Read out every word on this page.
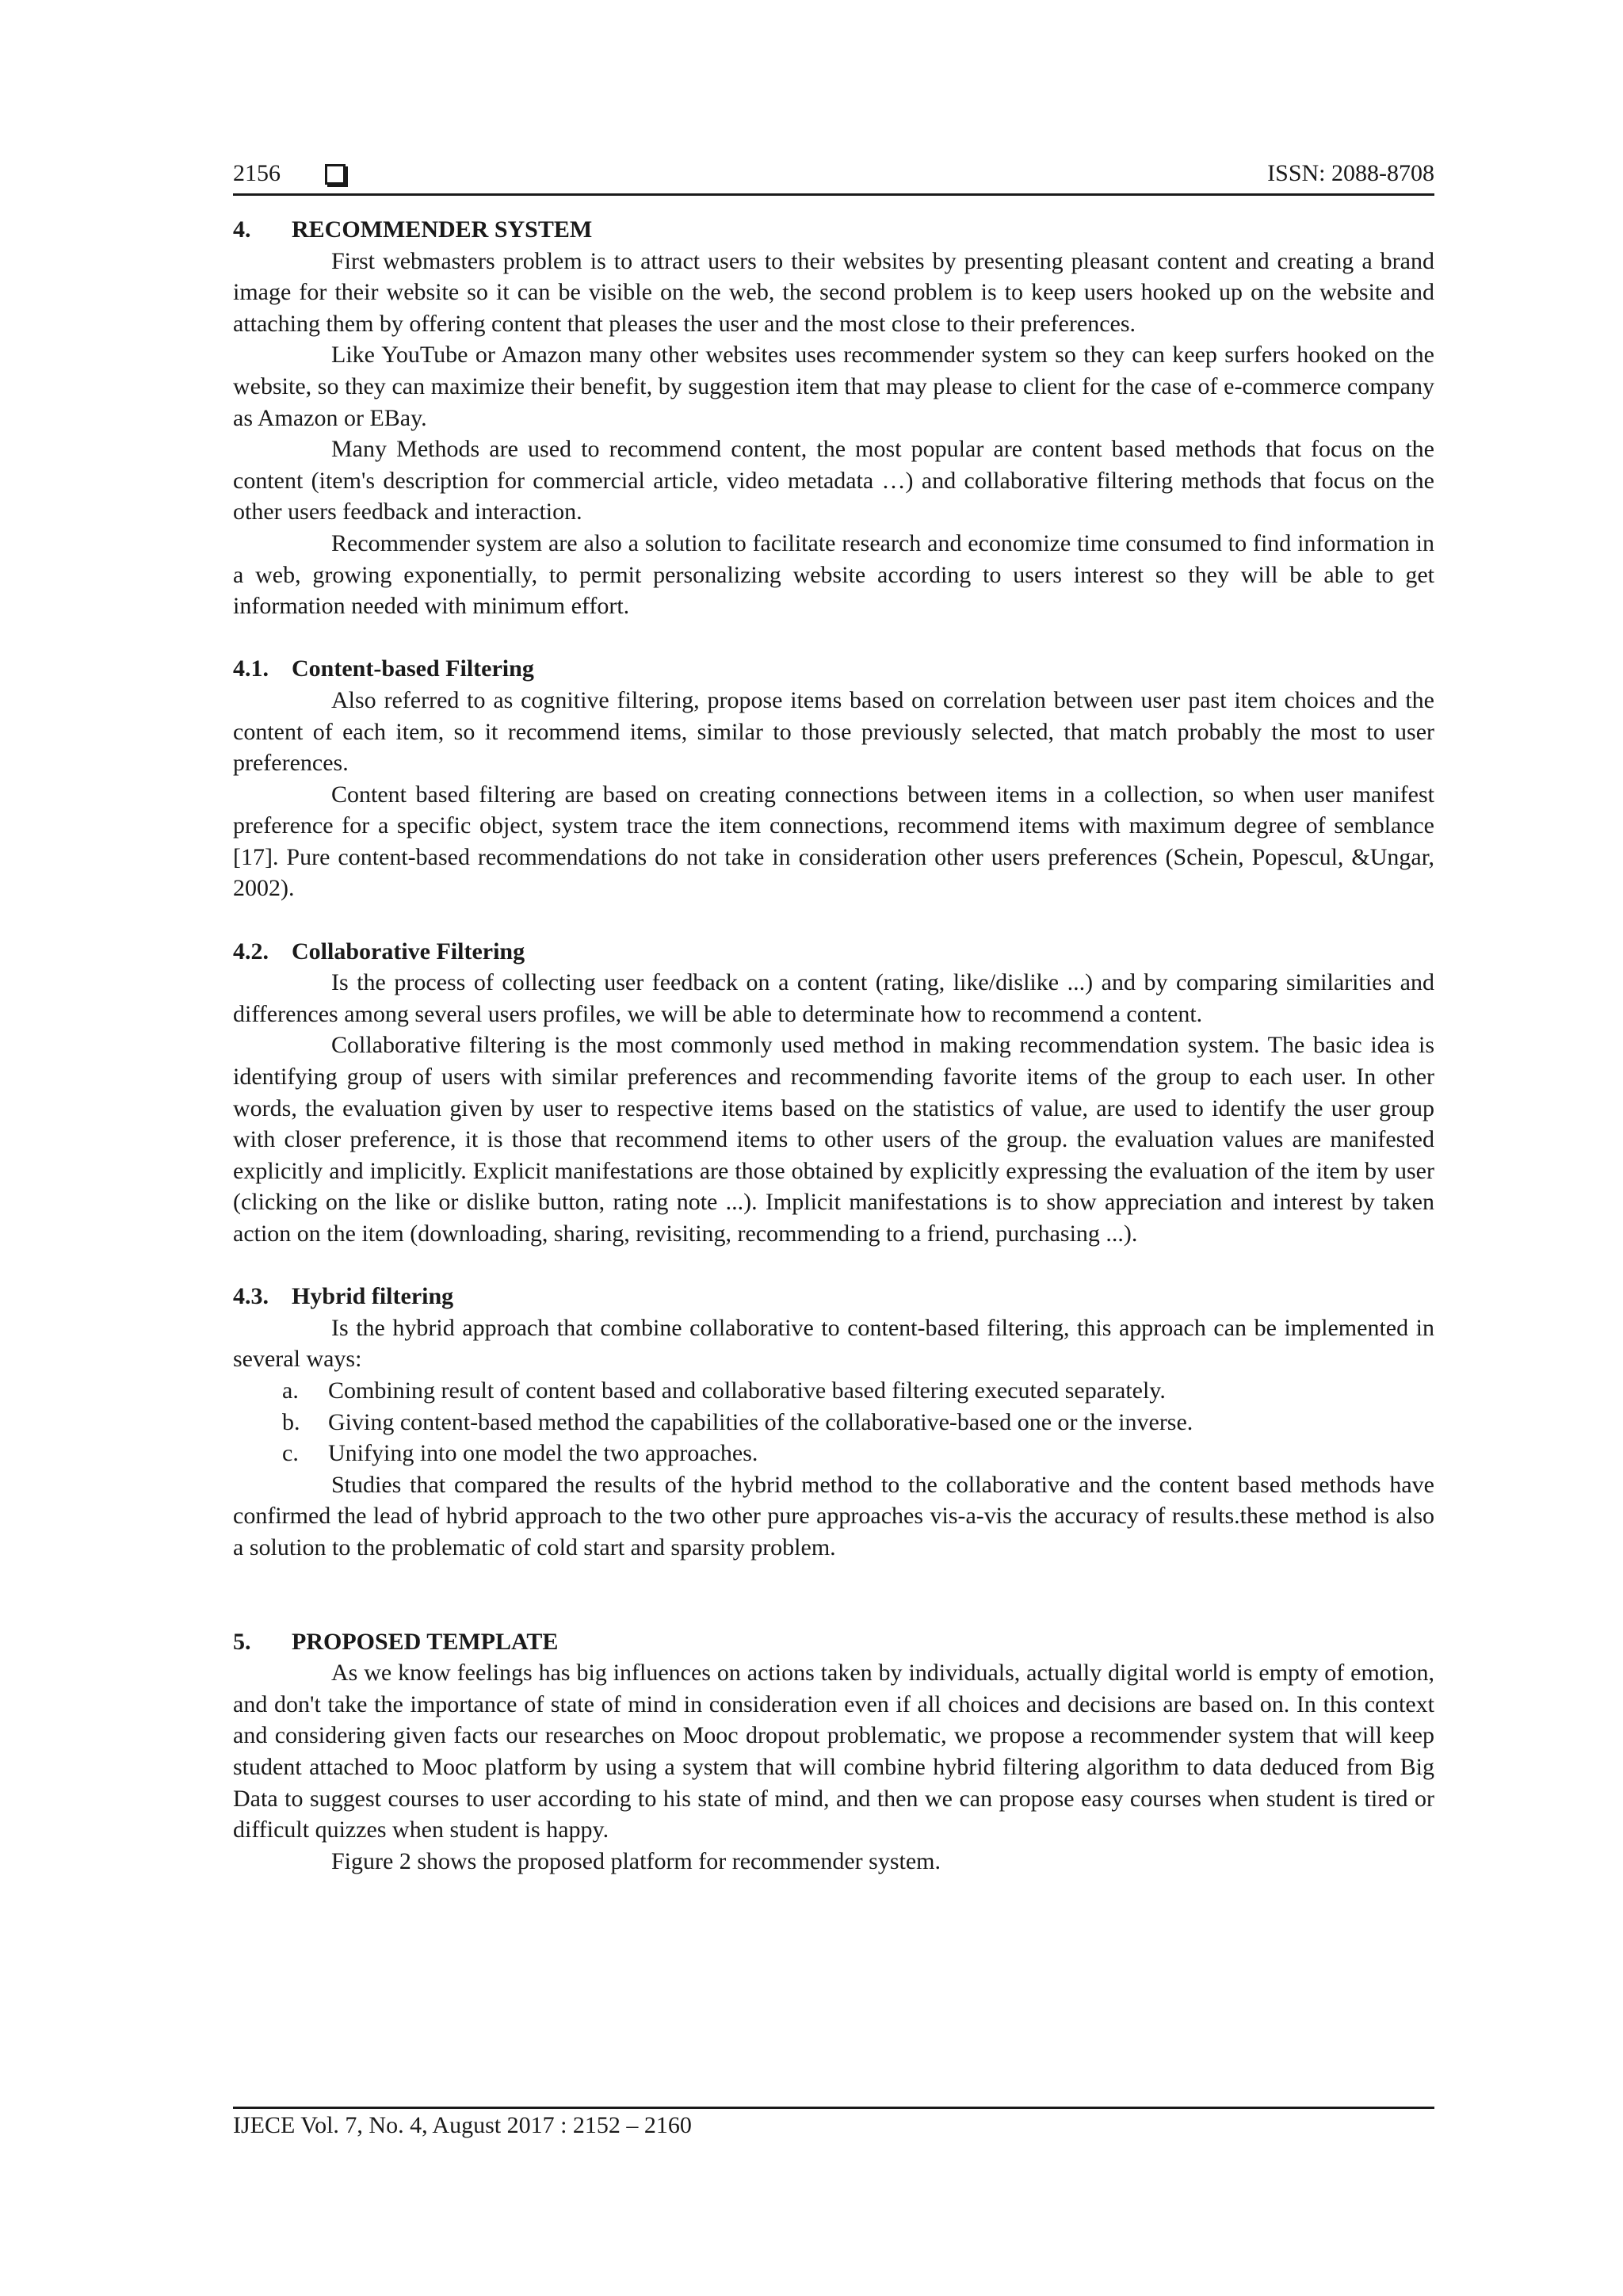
2156	ISSN: 2088-8708

4. RECOMMENDER SYSTEM

First webmasters problem is to attract users to their websites by presenting pleasant content and creating a brand image for their website so it can be visible on the web, the second problem is to keep users hooked up on the website and attaching them by offering content that pleases the user and the most close to their preferences.

Like YouTube or Amazon many other websites uses recommender system so they can keep surfers hooked on the website, so they can maximize their benefit, by suggestion item that may please to client for the case of e-commerce company as Amazon or EBay.

Many Methods are used to recommend content, the most popular are content based methods that focus on the content (item's description for commercial article, video metadata …) and collaborative filtering methods that focus on the other users feedback and interaction.

Recommender system are also a solution to facilitate research and economize time consumed to find information in a web, growing exponentially, to permit personalizing website according to users interest so they will be able to get information needed with minimum effort.

4.1. Content-based Filtering

Also referred to as cognitive filtering, propose items based on correlation between user past item choices and the content of each item, so it recommend items, similar to those previously selected, that match probably the most to user preferences.

Content based filtering are based on creating connections between items in a collection, so when user manifest preference for a specific object, system trace the item connections, recommend items with maximum degree of semblance [17]. Pure content-based recommendations do not take in consideration other users preferences (Schein, Popescul, &Ungar, 2002).

4.2. Collaborative Filtering

Is the process of collecting user feedback on a content (rating, like/dislike ...) and by comparing similarities and differences among several users profiles, we will be able to determinate how to recommend a content.

Collaborative filtering is the most commonly used method in making recommendation system. The basic idea is identifying group of users with similar preferences and recommending favorite items of the group to each user. In other words, the evaluation given by user to respective items based on the statistics of value, are used to identify the user group with closer preference, it is those that recommend items to other users of the group. the evaluation values are manifested explicitly and implicitly. Explicit manifestations are those obtained by explicitly expressing the evaluation of the item by user (clicking on the like or dislike button, rating note ...). Implicit manifestations is to show appreciation and interest by taken action on the item (downloading, sharing, revisiting, recommending to a friend, purchasing ...).

4.3. Hybrid filtering

Is the hybrid approach that combine collaborative to content-based filtering, this approach can be implemented in several ways:

a. Combining result of content based and collaborative based filtering executed separately.
b. Giving content-based method the capabilities of the collaborative-based one or the inverse.
c. Unifying into one model the two approaches.

Studies that compared the results of the hybrid method to the collaborative and the content based methods have confirmed the lead of hybrid approach to the two other pure approaches vis-a-vis the accuracy of results.these method is also a solution to the problematic of cold start and sparsity problem.

5. PROPOSED TEMPLATE

As we know feelings has big influences on actions taken by individuals, actually digital world is empty of emotion, and don't take the importance of state of mind in consideration even if all choices and decisions are based on. In this context and considering given facts our researches on Mooc dropout problematic, we propose a recommender system that will keep student attached to Mooc platform by using a system that will combine hybrid filtering algorithm to data deduced from Big Data to suggest courses to user according to his state of mind, and then we can propose easy courses when student is tired or difficult quizzes when student is happy.

Figure 2 shows the proposed platform for recommender system.

IJECE Vol. 7, No. 4, August 2017 : 2152 – 2160
